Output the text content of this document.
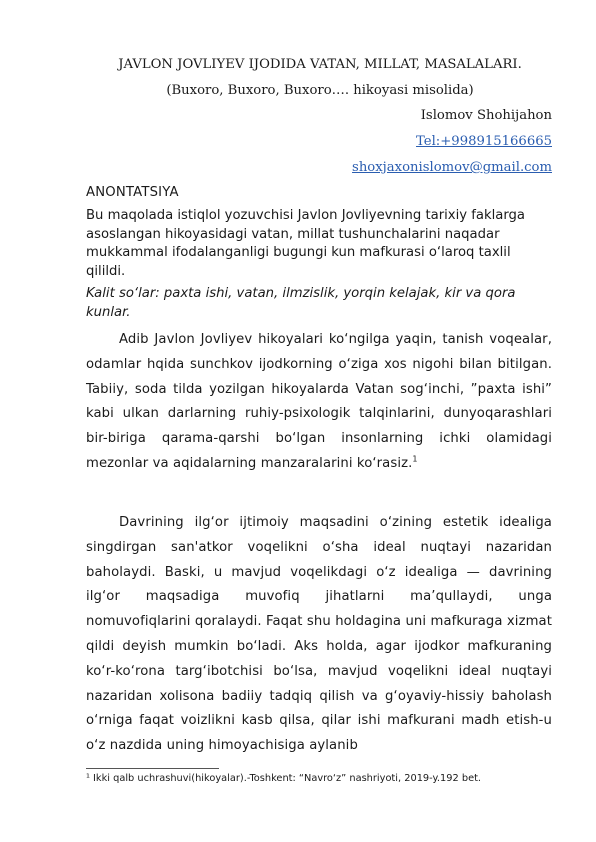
JAVLON JOVLIYEV IJODIDA VATAN, MILLAT, MASALALARI.
(Buxoro, Buxoro, Buxoro…. hikoyasi misolida)
Islomov Shohijahon
Tel:+998915166665
shoxjaxonislomov@gmail.com
ANONTATSIYA
Bu maqolada istiqlol yozuvchisi Javlon Jovliyevning tarixiy faklarga asoslangan hikoyasidagi vatan, millat tushunchalarini naqadar mukkammal ifodalanganligi bugungi kun mafkurasi o‘laroq taxlil qilildi.
Kalit so‘lar: paxta ishi, vatan, ilmzislik, yorqin kelajak, kir va qora kunlar.
Adib Javlon Jovliyev hikoyalari ko‘ngilga yaqin, tanish voqealar, odamlar hqida sunchkov ijodkorning o‘ziga xos nigohi bilan bitilgan. Tabiiy, soda tilda yozilgan hikoyalarda Vatan sog‘inchi, ”paxta ishi” kabi ulkan darlarning ruhiy-psixologik talqinlarini, dunyoqarashlari bir-biriga qarama-qarshi bo‘lgan insonlarning ichki olamidagi mezonlar va aqidalarning manzaralarini ko‘rasiz.$^1$
Davrining ilg‘or ijtimoiy maqsadini o‘zining estetik idealiga singdirgan san'atkor voqelikni o‘sha ideal nuqtayi nazaridan baholaydi. Baski, u mavjud voqelikdagi o‘z idealiga — davrining ilg‘or maqsadiga muvofiq jihatlarni ma’qullaydi, unga nomuvofiqlarini qoralaydi. Faqat shu holdagina uni mafkuraga xizmat qildi deyish mumkin bo‘ladi. Aks holda, agar ijodkor mafkuraning ko‘r-ko‘rona targ‘ibotchisi bo‘lsa, mavjud voqelikni ideal nuqtayi nazaridan xolisona badiiy tadqiq qilish va g‘oyaviy-hissiy baholash o‘rniga faqat voizlikni kasb qilsa, qilar ishi mafkurani madh etish-u o‘z nazdida uning himoyachisiga aylanib
¹ Ikki qalb uchrashuvi(hikoyalar).-Toshkent: “Navro‘z” nashriyoti, 2019-y.192 bet.
